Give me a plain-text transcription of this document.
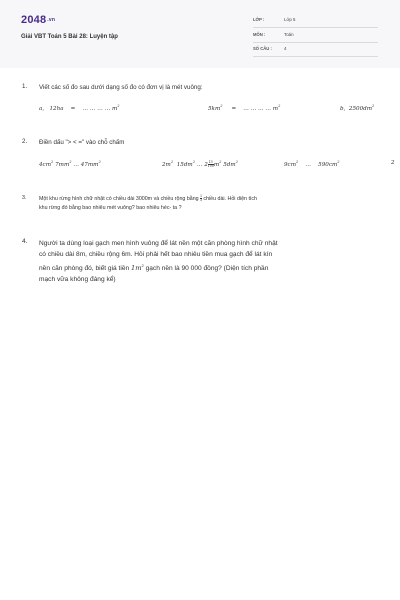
2048.vn
Giải VBT Toán 5 Bài 28: Luyện tập
LỚP :	Lớp 5
MÔN :	Toán
SỐ CÂU :	4
1. Viết các số đo sau dưới dạng số đo có đơn vị là mét vuông:
a, 12ha = … … … … $m^2$	$5km^2$ = … … … … $m^2$	b, $2500dm^2$
2. Điền dấu "> < =" vào chỗ chấm
$4cm^2$ $7mm^2$ … $47mm^2$	$2m^2$ $15dm^2$ … $2\frac{15}{100} m^2$ $5dm^2$	$9cm^2$ … $590cm^2$	2
3. Một khu rừng hình chữ nhật có chiều dài 3000m và chiều rộng bằng $\frac{1}{3}$ chiều dài. Hỏi diện tích
khu rừng đó bằng bao nhiêu mét vuông? bao nhiêu héc- ta ?
4. Người ta dùng loại gạch men hình vuông để lát nền một căn phòng hình chữ nhật
có chiều dài 8m, chiều rộng 6m. Hỏi phải hết bao nhiêu tiền mua gạch để lát kín
nền căn phòng đó, biết giá tiền $1m^2$ gạch nền là 90 000 đồng? (Diện tích phần
mạch vữa không đáng kể)
